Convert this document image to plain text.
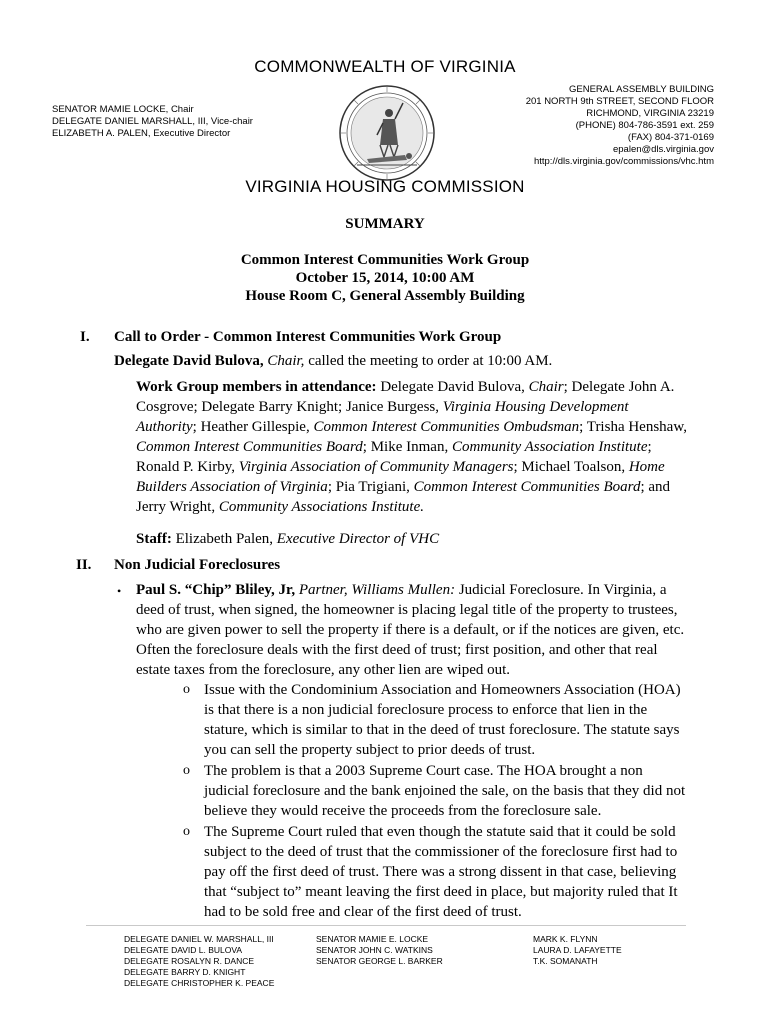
COMMONWEALTH OF VIRGINIA
SENATOR MAMIE LOCKE, Chair
DELEGATE DANIEL MARSHALL, III, Vice-chair
ELIZABETH A. PALEN, Executive Director
GENERAL ASSEMBLY BUILDING
201 NORTH 9th STREET, SECOND FLOOR
RICHMOND, VIRGINIA 23219
(PHONE) 804-786-3591 ext. 259
(FAX) 804-371-0169
epalen@dls.virginia.gov
http://dls.virginia.gov/commissions/vhc.htm
VIRGINIA HOUSING COMMISSION
SUMMARY
Common Interest Communities Work Group
October 15, 2014, 10:00 AM
House Room C, General Assembly Building
I. Call to Order - Common Interest Communities Work Group
Delegate David Bulova, Chair, called the meeting to order at 10:00 AM.
Work Group members in attendance: Delegate David Bulova, Chair; Delegate John A. Cosgrove; Delegate Barry Knight; Janice Burgess, Virginia Housing Development Authority; Heather Gillespie, Common Interest Communities Ombudsman; Trisha Henshaw, Common Interest Communities Board; Mike Inman, Community Association Institute; Ronald P. Kirby, Virginia Association of Community Managers; Michael Toalson, Home Builders Association of Virginia; Pia Trigiani, Common Interest Communities Board; and Jerry Wright, Community Associations Institute.
Staff: Elizabeth Palen, Executive Director of VHC
II. Non Judicial Foreclosures
• Paul S. “Chip” Bliley, Jr, Partner, Williams Mullen: Judicial Foreclosure. In Virginia, a deed of trust, when signed, the homeowner is placing legal title of the property to trustees, who are given power to sell the property if there is a default, or if the notices are given, etc. Often the foreclosure deals with the first deed of trust; first position, and other that real estate taxes from the foreclosure, any other lien are wiped out.
o Issue with the Condominium Association and Homeowners Association (HOA) is that there is a non judicial foreclosure process to enforce that lien in the stature, which is similar to that in the deed of trust foreclosure. The statute says you can sell the property subject to prior deeds of trust.
o The problem is that a 2003 Supreme Court case. The HOA brought a non judicial foreclosure and the bank enjoined the sale, on the basis that they did not believe they would receive the proceeds from the foreclosure sale.
o The Supreme Court ruled that even though the statute said that it could be sold subject to the deed of trust that the commissioner of the foreclosure first had to pay off the first deed of trust. There was a strong dissent in that case, believing that “subject to” meant leaving the first deed in place, but majority ruled that It had to be sold free and clear of the first deed of trust.
DELEGATE DANIEL W. MARSHALL, III
DELEGATE DAVID L. BULOVA
DELEGATE ROSALYN R. DANCE
DELEGATE BARRY D. KNIGHT
DELEGATE CHRISTOPHER K. PEACE
SENATOR MAMIE E. LOCKE
SENATOR JOHN C. WATKINS
SENATOR GEORGE L. BARKER
MARK K. FLYNN
LAURA D. LAFAYETTE
T.K. SOMANATH
